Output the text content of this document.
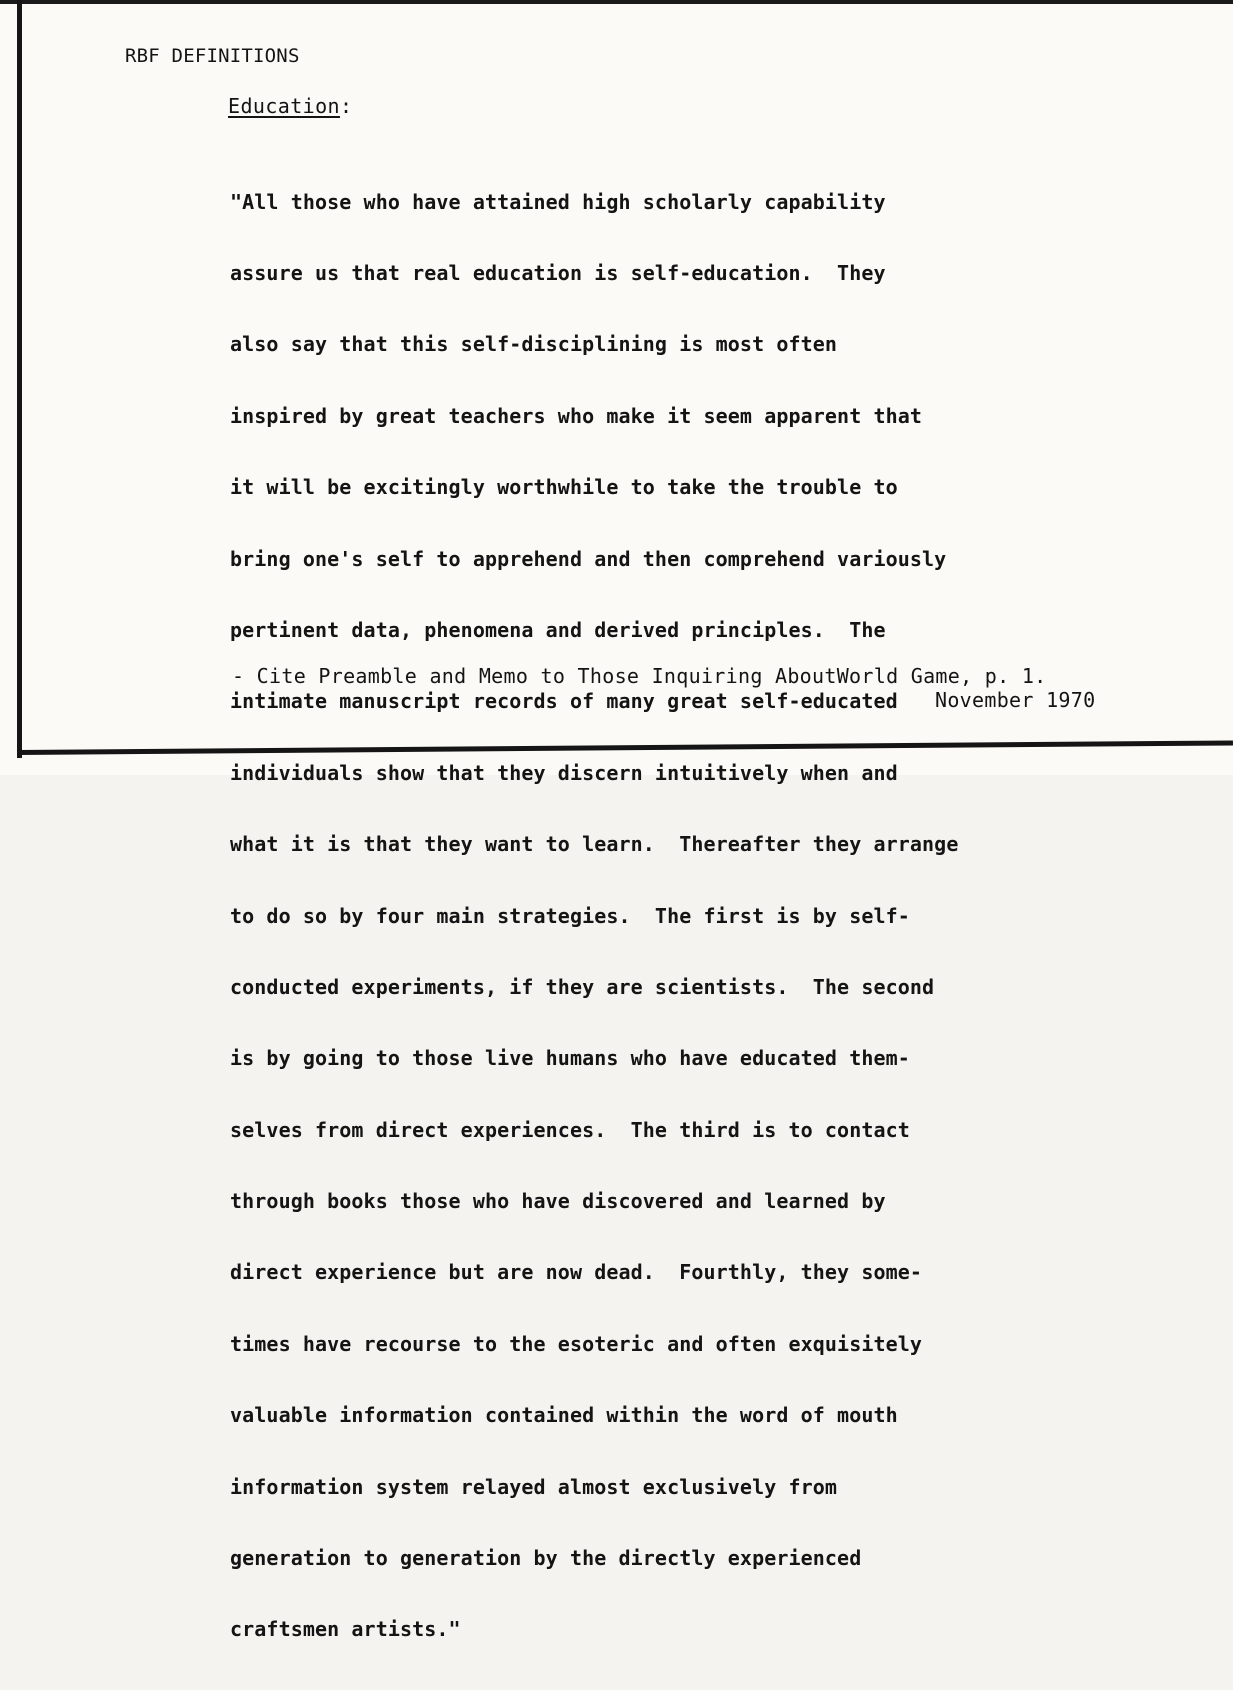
RBF DEFINITIONS
Education:

"All those who have attained high scholarly capability

assure us that real education is self-education.  They

also say that this self-disciplining is most often

inspired by great teachers who make it seem apparent that

it will be excitingly worthwhile to take the trouble to

bring one's self to apprehend and then comprehend variously

pertinent data, phenomena and derived principles.  The

intimate manuscript records of many great self-educated

individuals show that they discern intuitively when and

what it is that they want to learn.  Thereafter they arrange

to do so by four main strategies.  The first is by self-

conducted experiments, if they are scientists.  The second

is by going to those live humans who have educated them-

selves from direct experiences.  The third is to contact

through books those who have discovered and learned by

direct experience but are now dead.  Fourthly, they some-

times have recourse to the esoteric and often exquisitely

valuable information contained within the word of mouth

information system relayed almost exclusively from

generation to generation by the directly experienced

craftsmen artists."

- Cite Preamble and Memo to Those Inquiring AboutWorld Game, p. 1.
November 1970
